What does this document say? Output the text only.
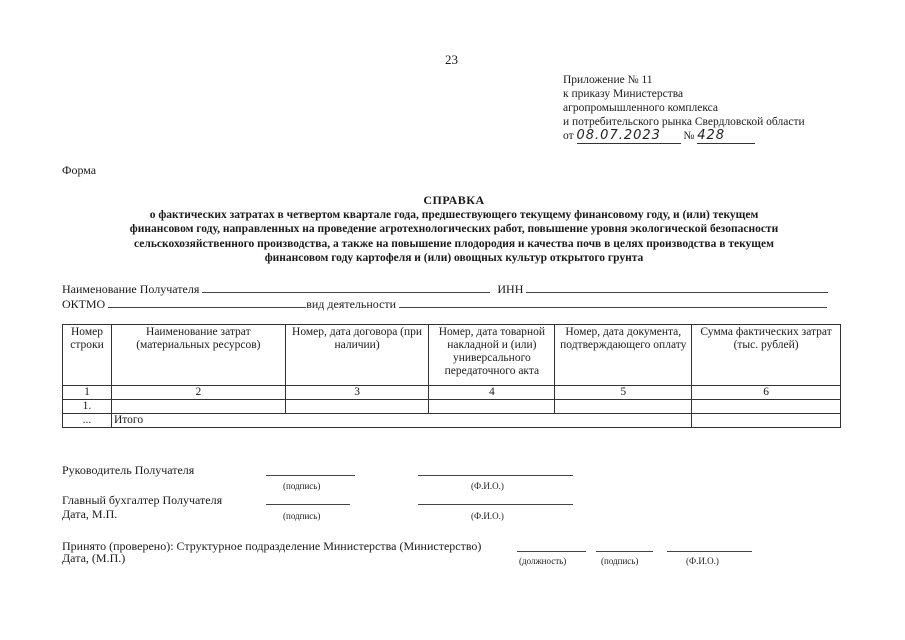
23
Приложение № 11
к приказу Министерства
агропромышленного комплекса
и потребительского рынка Свердловской области
от 08.07.2023 № 428
Форма
СПРАВКА
о фактических затратах в четвертом квартале года, предшествующего текущему финансовому году, и (или) текущем
финансовом году, направленных на проведение агротехнологических работ, повышение уровня экологической безопасности
сельскохозяйственного производства, а также на повышение плодородия и качества почв в целях производства в текущем
финансовом году картофеля и (или) овощных культур открытого грунта
Наименование Получателя	ИНН
ОКТМО	вид деятельности
Номер строки	Наименование затрат (материальных ресурсов)	Номер, дата договора (при наличии)	Номер, дата товарной накладной и (или) универсального передаточного акта	Номер, дата документа, подтверждающего оплату	Сумма фактических затрат (тыс. рублей)
1	2	3	4	5	6
1.					
...	Итого				
Руководитель Получателя
(подпись)	(Ф.И.О.)
Главный бухгалтер Получателя
Дата, М.П.	(подпись)	(Ф.И.О.)
Принято (проверено): Структурное подразделение Министерства (Министерство)
Дата, (М.П.)	(должность)	(подпись)	(Ф.И.О.)
